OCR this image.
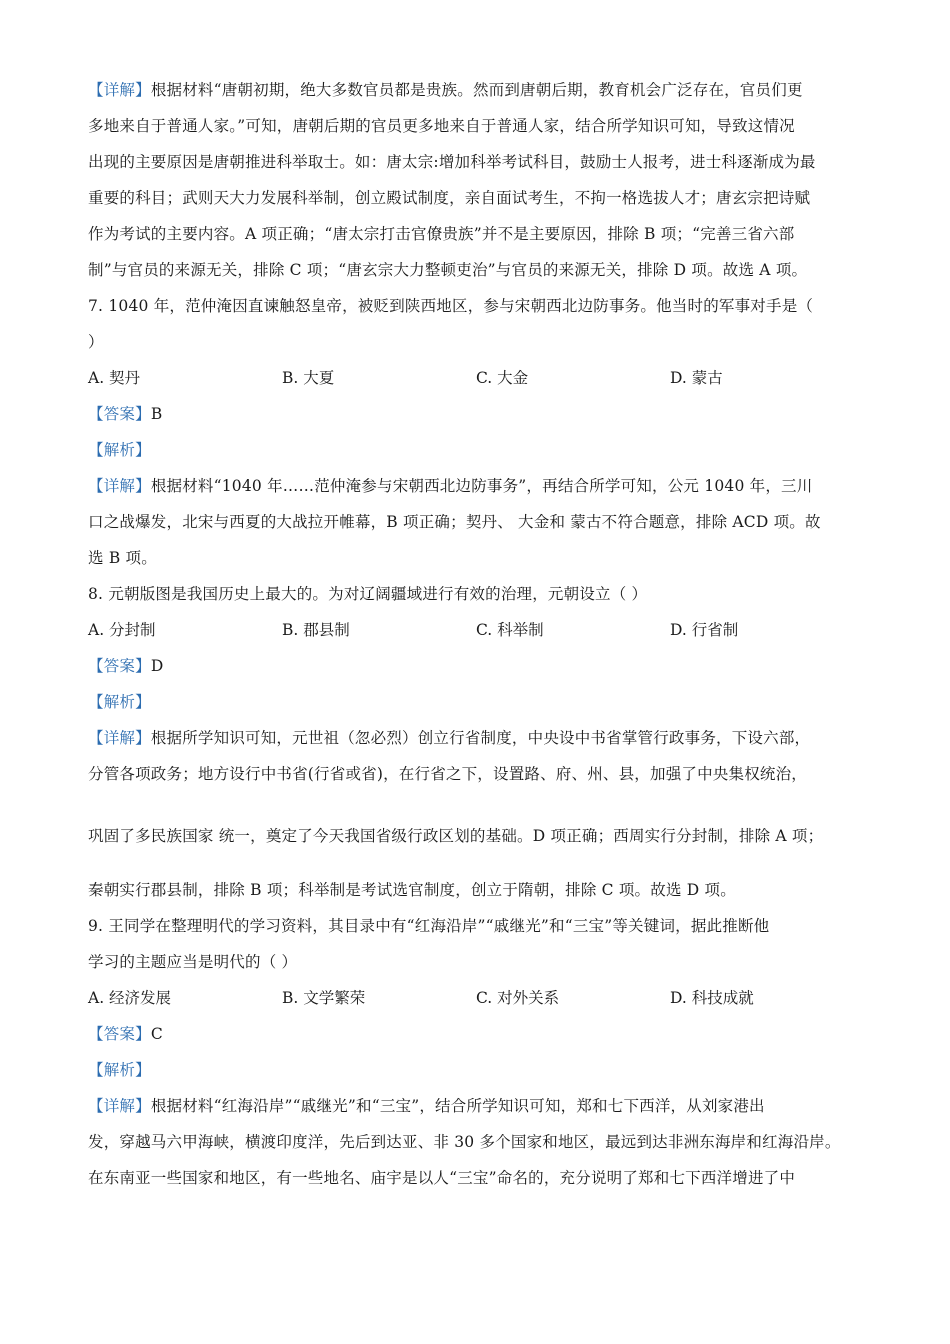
【详解】根据材料“唐朝初期，绝大多数官员都是贵族。然而到唐朝后期，教育机会广泛存在，官员们更
多地来自于普通人家。”可知，唐朝后期的官员更多地来自于普通人家，结合所学知识可知，导致这情况
出现的主要原因是唐朝推进科举取士。如：唐太宗:增加科举考试科目，鼓励士人报考，进士科逐渐成为最
重要的科目；武则天大力发展科举制，创立殿试制度，亲自面试考生，不拘一格选拔人才；唐玄宗把诗赋
作为考试的主要内容。A 项正确；“唐太宗打击官僚贵族”并不是主要原因，排除 B 项；“完善三省六部
制”与官员的来源无关，排除 C 项；“唐玄宗大力整顿吏治”与官员的来源无关，排除 D 项。故选 A 项。
7. 1040 年，范仲淹因直谏触怒皇帝，被贬到陕西地区，参与宋朝西北边防事务。他当时的军事对手是（
）
A. 契丹	B. 大夏	C. 大金	D. 蒙古
【答案】B
【解析】
【详解】根据材料“1040 年……范仲淹参与宋朝西北边防事务”，再结合所学可知，公元 1040 年，三川
口之战爆发，北宋与西夏的大战拉开帷幕，B 项正确；契丹、 大金和 蒙古不符合题意，排除 ACD 项。故
选 B 项。
8. 元朝版图是我国历史上最大的。为对辽阔疆域进行有效的治理，元朝设立（ ）
A. 分封制	B. 郡县制	C. 科举制	D. 行省制
【答案】D
【解析】
【详解】根据所学知识可知，元世祖（忽必烈）创立行省制度，中央设中书省掌管行政事务，下设六部，
分管各项政务；地方设行中书省(行省或省)，在行省之下，设置路、府、州、县，加强了中央集权统治，
巩固了多民族国家 统一，奠定了今天我国省级行政区划的基础。D 项正确；西周实行分封制，排除 A 项；
秦朝实行郡县制，排除 B 项；科举制是考试选官制度，创立于隋朝，排除 C 项。故选 D 项。
9. 王同学在整理明代的学习资料，其目录中有“红海沿岸”“戚继光”和“三宝”等关键词，据此推断他
学习的主题应当是明代的（ ）
A. 经济发展	B. 文学繁荣	C. 对外关系	D. 科技成就
【答案】C
【解析】
【详解】根据材料“红海沿岸”“戚继光”和“三宝”，结合所学知识可知，郑和七下西洋，从刘家港出
发，穿越马六甲海峡，横渡印度洋，先后到达亚、非 30 多个国家和地区，最远到达非洲东海岸和红海沿岸。
在东南亚一些国家和地区，有一些地名、庙宇是以人“三宝”命名的，充分说明了郑和七下西洋增进了中
